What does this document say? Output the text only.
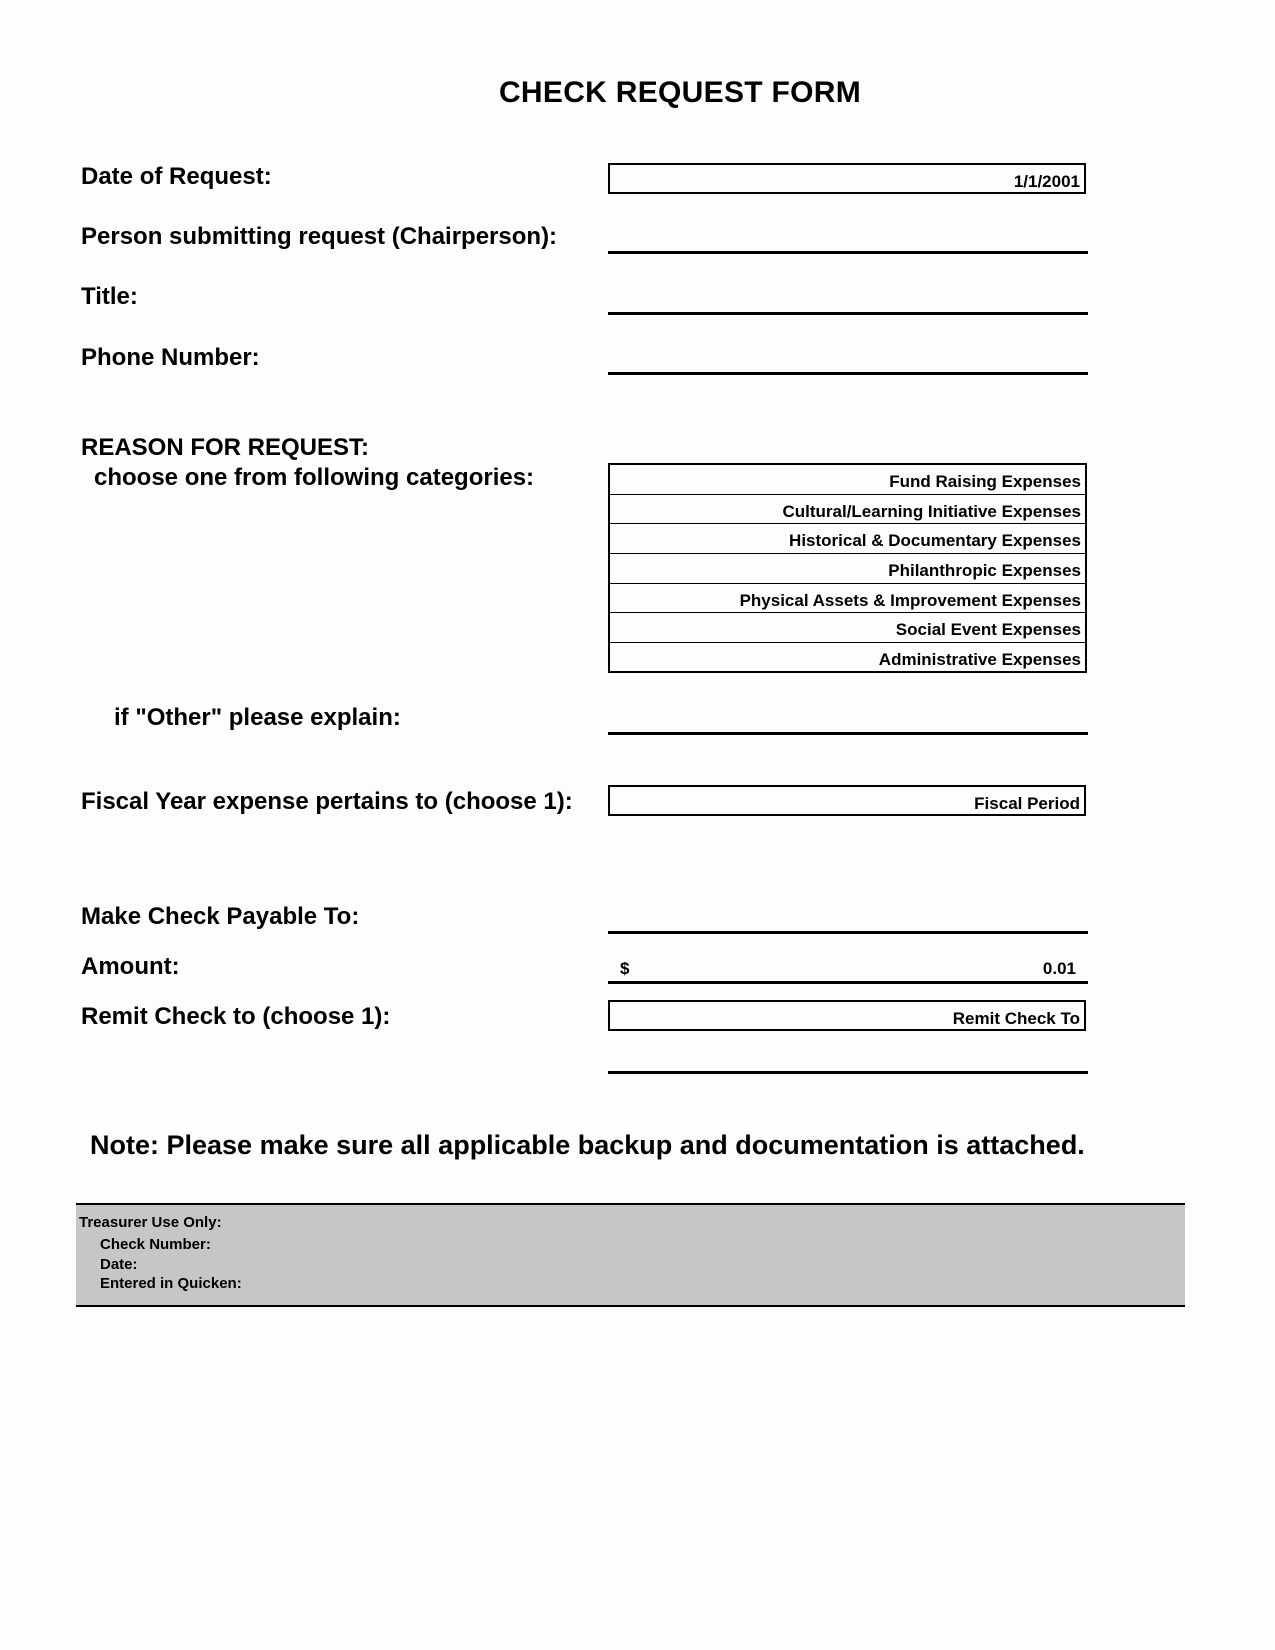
CHECK REQUEST FORM
Date of Request:	1/1/2001
Person submitting request (Chairperson):
Title:
Phone Number:
REASON FOR REQUEST:
choose one from following categories:	Fund Raising Expenses
Cultural/Learning Initiative Expenses
Historical & Documentary Expenses
Philanthropic Expenses
Physical Assets & Improvement Expenses
Social Event Expenses
Administrative Expenses
if "Other" please explain:
Fiscal Year expense pertains to (choose 1):	Fiscal Period
Make Check Payable To:
Amount:	$	0.01
Remit Check to (choose 1):	Remit Check To
Note: Please make sure all applicable backup and documentation is attached.
Treasurer Use Only:
Check Number:
Date:
Entered in Quicken:
